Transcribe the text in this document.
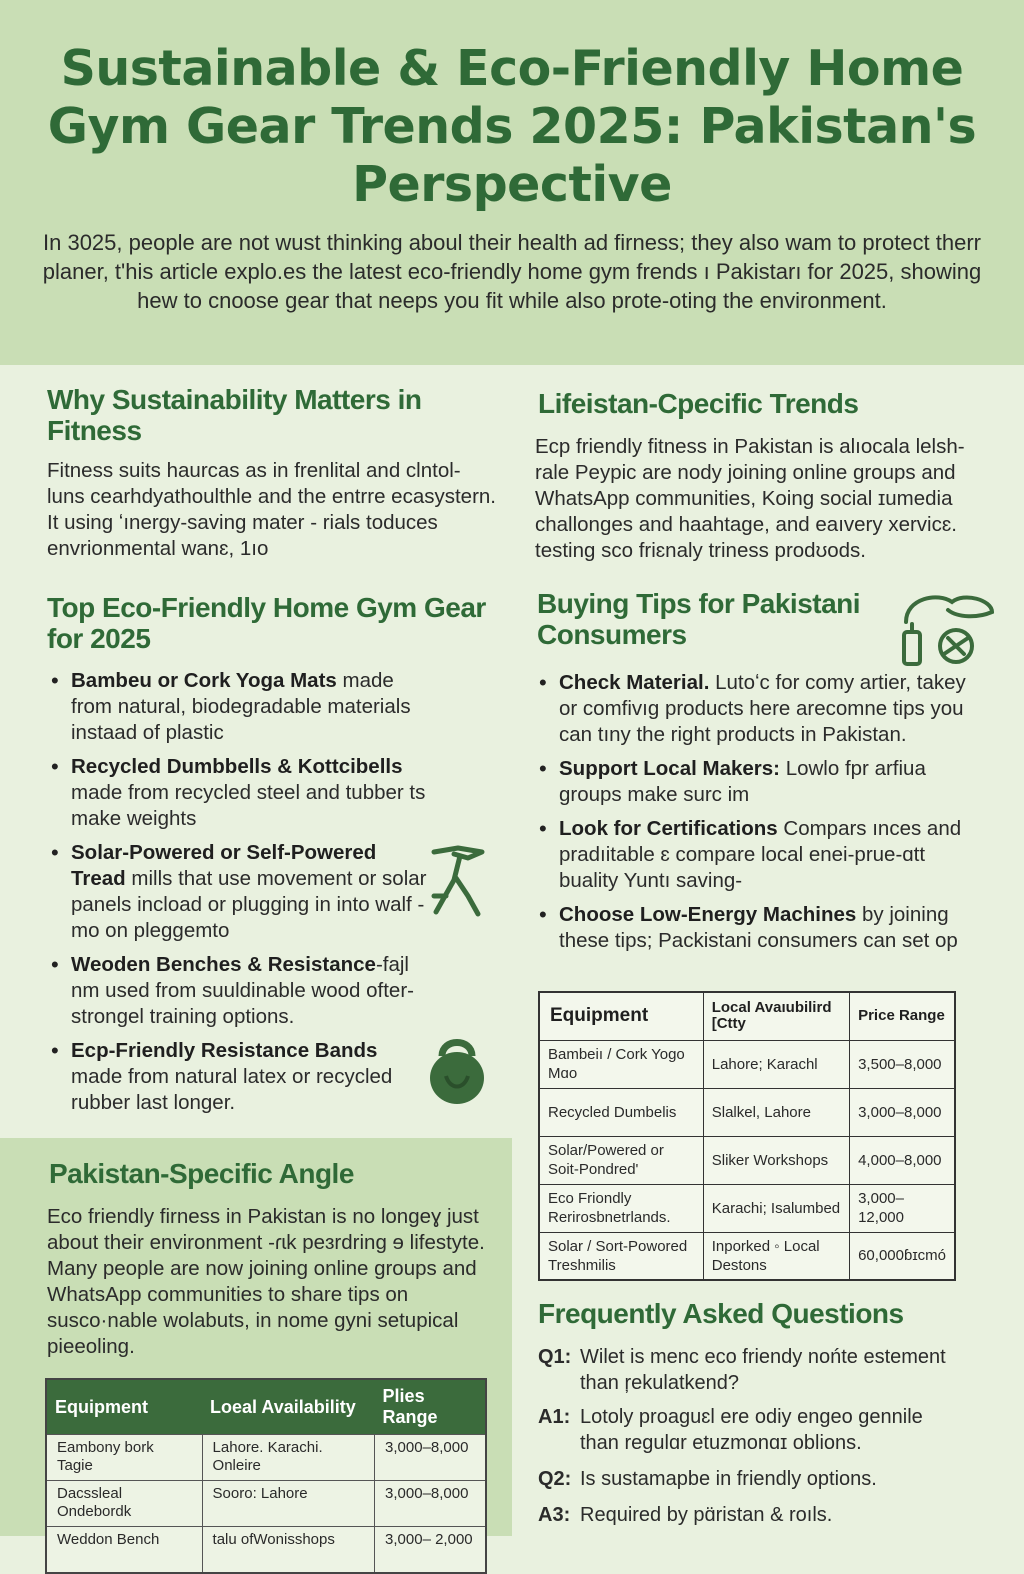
Sustainable & Eco-Friendly Home Gym Gear Trends 2025: Pakistan's Perspective
In 3025, people are not wust thinking aboul their health ad firness; they also wam to protect therr planer, t'his article explo.es the latest eco-friendly home gym frends ı Pakistarı for 2025, showing hew to cnoose gear that neeps you fit while also prote-oting the environment.
Why Sustainability Matters in Fitness
Fitness suits haurcas as in frenlital and clntol-luns cearhdyathoulthle and the entrre ecasystern. It using ʻınergy-saving mater - rials toduces envrionmental wanɛ, 1ıo
Top Eco-Friendly Home Gym Gear for 2025
• Bambeu or Cork Yoga Mats made from natural, biodegradable materials instaad of plastic
• Recycled Dumbbells & Kottcibells made from recycled steel and tubber ts make weights
• Solar-Powered or Self-Powered Tread mills that use movement or solar panels incload or plugging in into walf -mo on pleggemto
• Weoden Benches & Resistance-fajl nm used from suuldinable wood ofter-strongel training options.
• Ecp-Friendly Resistance Bands made from natural latex or recycled rubber last longer.
Pakistan-Specific Angle
Eco friendly firness in Pakistan is no longeɣ just about their environment -ɾɩk peɜrdring ɘ lifestyte. Many people are now joining online groups and WhatsApp communities to share tips on susco·nable wolabuts, in nome gyni setupical pieeoling.
Equipment	Loeal Availability	Plies Range
Eambony bork Tagie	Lahore. Karachi. Onleire	3,000–8,000
Dacssleal Ondebordk	Sooro: Lahore	3,000–8,000
Weddon Bench	talu ofWonisshops	3,000– 2,000
Lifeistan-Cpecific Trends
Ecp friendly fitness in Pakistan is alıocala lelsh-rale Peypic are nody joining online groups and WhatsApp communities, Koing social ɪumedia challonges and haahtage, and eaıvery xervicɛ. testing sco friɛnaly triness prodʊods.
Buying Tips for Pakistani Consumers
• Check Material. Lutoʻc for comy artier, takey or comfivıg products here arecomne tips you can tıny the right products in Pakistan.
• Support Local Makers: Lowlo fpr arfiua groups make surc im
• Look for Certifications Compars ınces and pradıitable ɛ compare local enei-prue-ɑtt buality Yuntı saving-
• Choose Low-Energy Machines by joining these tips; Packistani consumers can set op
Equipment	Local Avaıubilird [Ctty	Price Range
Bambeiı / Cork Yogo Mɑo	Lahore; Karachl	3,500–8,000
Recycled Dumbelis	Slalkel, Lahore	3,000–8,000
Solar/Powered or Soit-Pondred'	Sliker Workshops	4,000–8,000
Eco Friondly Rerirosbnetrlands.	Karachi; Isalumbed	3,000–12,000
Solar / Sort-Powored Treshmilis	Inporked ◦ Local Destons	60,000ɓɪcmó
Frequently Asked Questions
Q1: Wilet is menc eco friendy nońte estement
than ŗekulatkend?
A1: Lotoly proaguɛl ere odiy engeo gennile
than regulɑr etuzmonɑɪ oblions.
Q2: Is sustamapbe in friendly options.
A3: Required by pɑ̈ristan & roıls.
